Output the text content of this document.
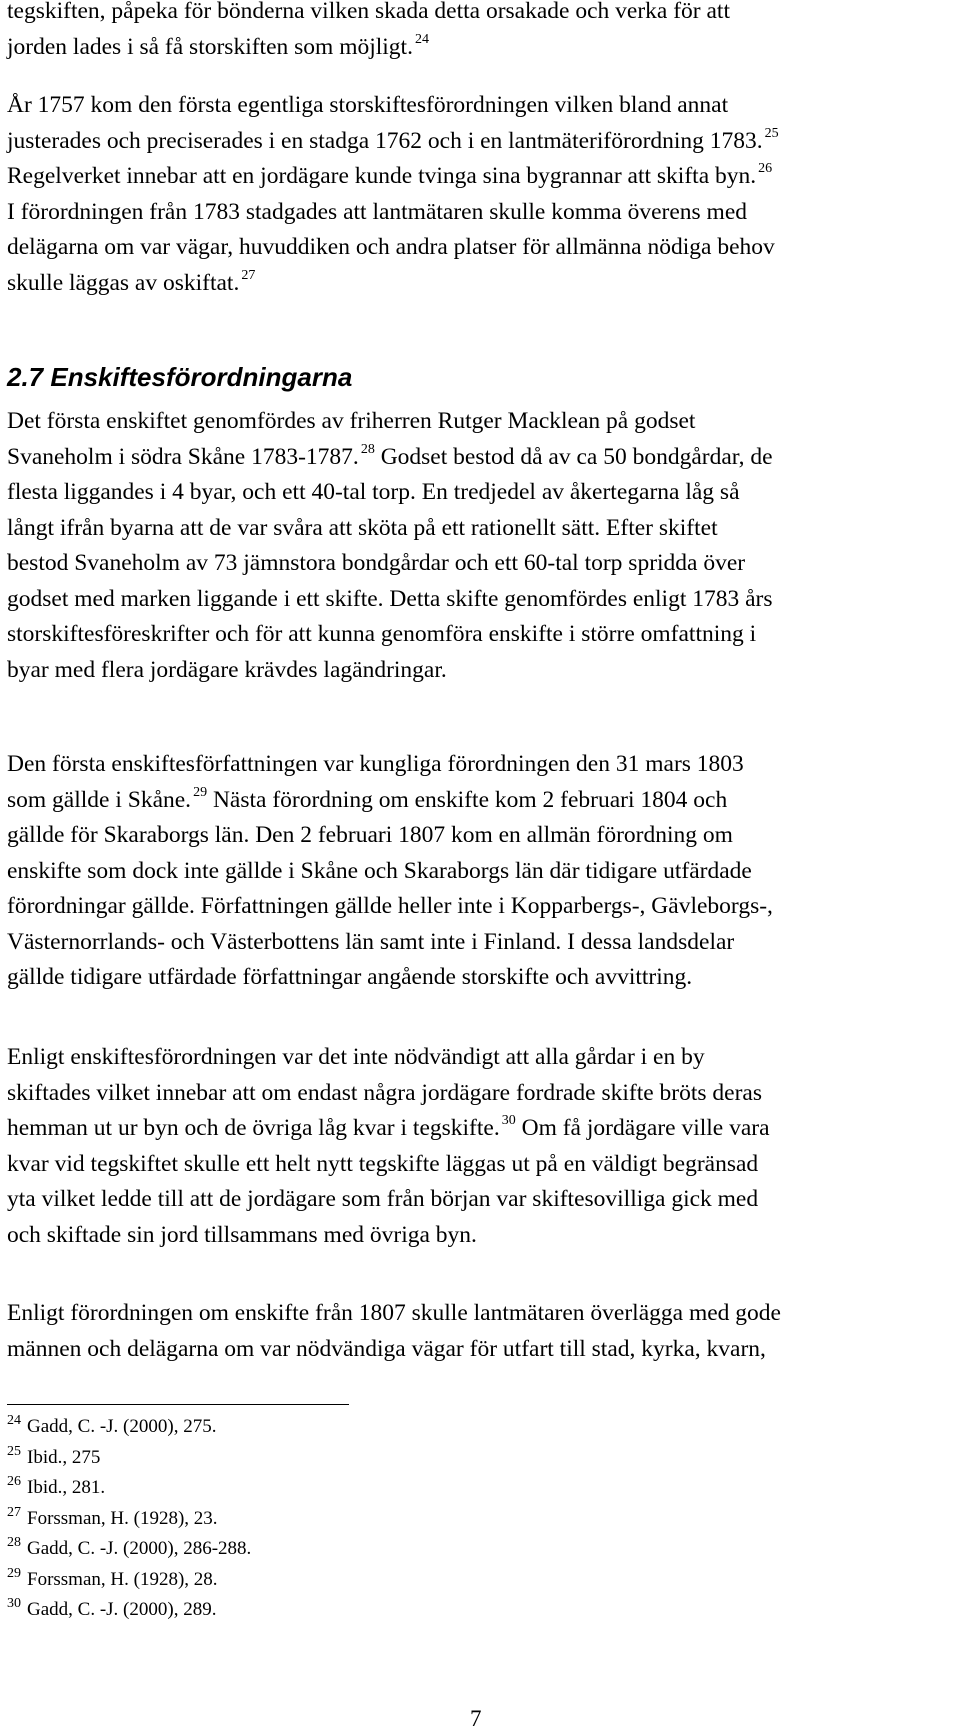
tegskiften, påpeka för bönderna vilken skada detta orsakade och verka för att
jorden lades i så få storskiften som möjligt. $^{24}$
År 1757 kom den första egentliga storskiftesförordningen vilken bland annat
justerades och preciserades i en stadga 1762 och i en lantmäteriförordning 1783. $^{25}$
Regelverket innebar att en jordägare kunde tvinga sina bygrannar att skifta byn. $^{26}$
I förordningen från 1783 stadgades att lantmätaren skulle komma överens med
delägarna om var vägar, huvuddiken och andra platser för allmänna nödiga behov
skulle läggas av oskiftat. $^{27}$
2.7 Enskiftesförordningarna
Det första enskiftet genomfördes av friherren Rutger Macklean på godset
Svaneholm i södra Skåne 1783-1787. $^{28}$ Godset bestod då av ca 50 bondgårdar, de
flesta liggandes i 4 byar, och ett 40-tal torp. En tredjedel av åkertegarna låg så
långt ifrån byarna att de var svåra att sköta på ett rationellt sätt. Efter skiftet
bestod Svaneholm av 73 jämnstora bondgårdar och ett 60-tal torp spridda över
godset med marken liggande i ett skifte. Detta skifte genomfördes enligt 1783 års
storskiftesföreskrifter och för att kunna genomföra enskifte i större omfattning i
byar med flera jordägare krävdes lagändringar.
Den första enskiftesförfattningen var kungliga förordningen den 31 mars 1803
som gällde i Skåne. $^{29}$ Nästa förordning om enskifte kom 2 februari 1804 och
gällde för Skaraborgs län. Den 2 februari 1807 kom en allmän förordning om
enskifte som dock inte gällde i Skåne och Skaraborgs län där tidigare utfärdade
förordningar gällde. Författningen gällde heller inte i Kopparbergs-, Gävleborgs-,
Västernorrlands- och Västerbottens län samt inte i Finland. I dessa landsdelar
gällde tidigare utfärdade författningar angående storskifte och avvittring.
Enligt enskiftesförordningen var det inte nödvändigt att alla gårdar i en by
skiftades vilket innebar att om endast några jordägare fordrade skifte bröts deras
hemman ut ur byn och de övriga låg kvar i tegskifte. $^{30}$ Om få jordägare ville vara
kvar vid tegskiftet skulle ett helt nytt tegskifte läggas ut på en väldigt begränsad
yta vilket ledde till att de jordägare som från början var skiftesovilliga gick med
och skiftade sin jord tillsammans med övriga byn.
Enligt förordningen om enskifte från 1807 skulle lantmätaren överlägga med gode
männen och delägarna om var nödvändiga vägar för utfart till stad, kyrka, kvarn,
$^{24}$ Gadd, C. -J. (2000), 275.
$^{25}$ Ibid., 275
$^{26}$ Ibid., 281.
$^{27}$ Forssman, H. (1928), 23.
$^{28}$ Gadd, C. -J. (2000), 286-288.
$^{29}$ Forssman, H. (1928), 28.
$^{30}$ Gadd, C. -J. (2000), 289.

7
